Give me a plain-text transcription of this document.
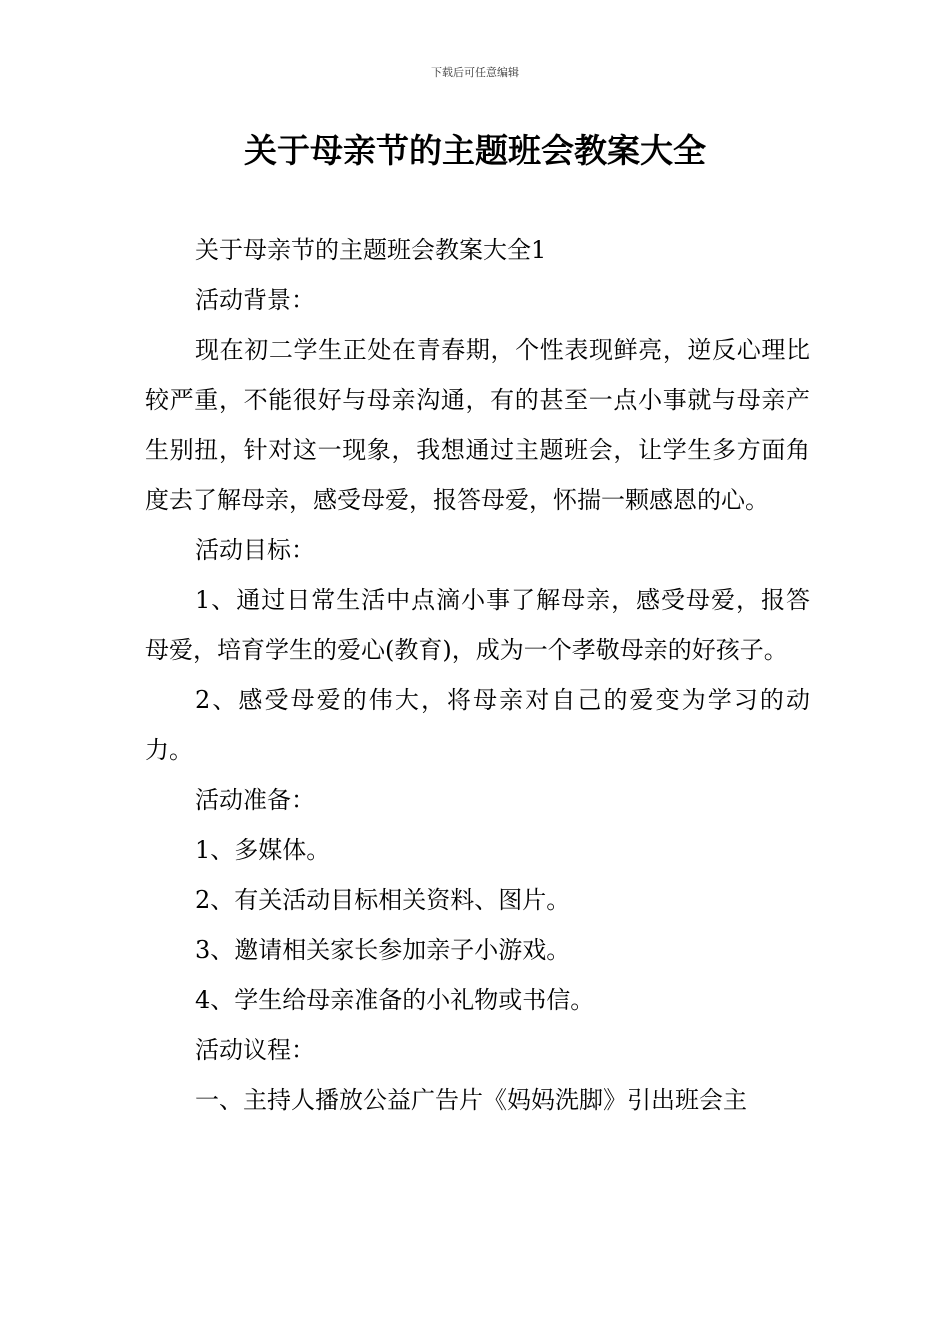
下载后可任意编辑
关于母亲节的主题班会教案大全

关于母亲节的主题班会教案大全1

活动背景：

现在初二学生正处在青春期，个性表现鲜亮，逆反心理比较严重，不能很好与母亲沟通，有的甚至一点小事就与母亲产生别扭，针对这一现象，我想通过主题班会，让学生多方面角度去了解母亲，感受母爱，报答母爱，怀揣一颗感恩的心。

活动目标：

1、通过日常生活中点滴小事了解母亲，感受母爱，报答母爱，培育学生的爱心(教育)，成为一个孝敬母亲的好孩子。

2、感受母爱的伟大，将母亲对自己的爱变为学习的动力。

活动准备：

1、多媒体。

2、有关活动目标相关资料、图片。

3、邀请相关家长参加亲子小游戏。

4、学生给母亲准备的小礼物或书信。

活动议程：

一、主持人播放公益广告片《妈妈洗脚》引出班会主
